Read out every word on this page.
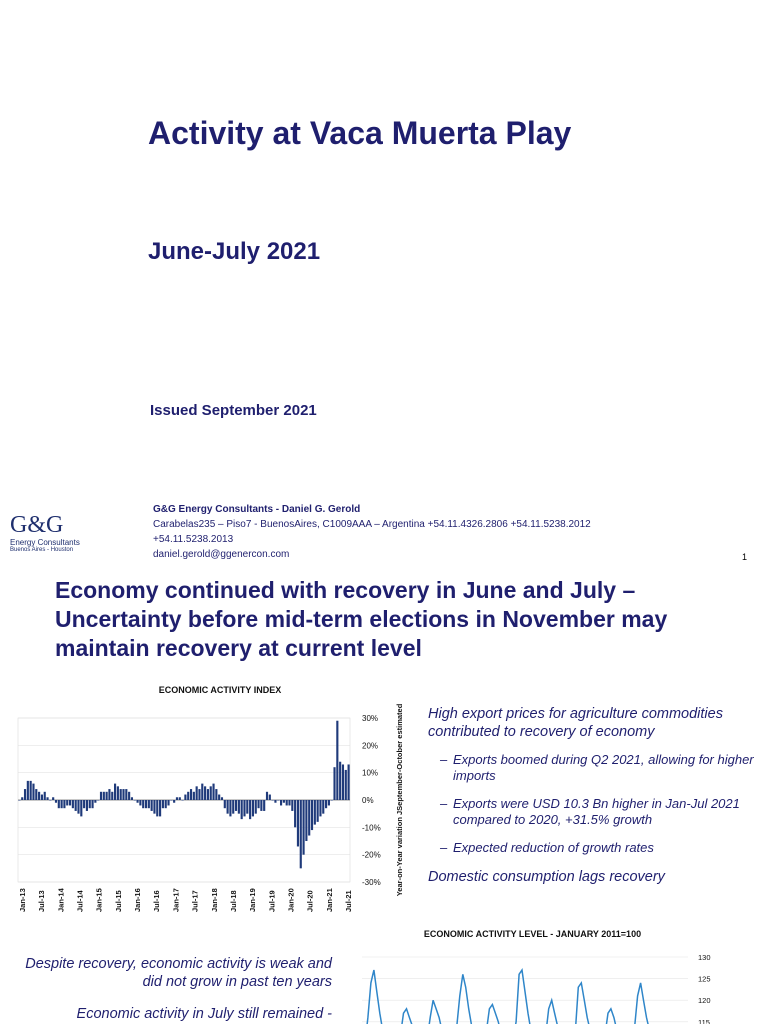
Activity at Vaca Muerta Play
June-July 2021
Issued September 2021
G&G
Energy Consultants
Buenos Aires - Houston
G&G Energy Consultants - Daniel G. Gerold
Carabelas235 – Piso7 - BuenosAires, C1009AAA – Argentina +54.11.4326.2806 +54.11.5238.2012
+54.11.5238.2013
daniel.gerold@ggenercon.com	1
Economy continued with recovery in June and July – Uncertainty before mid-term elections in November may maintain recovery at current level
ECONOMIC ACTIVITY INDEX
30%
20%
10%
0%
-10%
-20%
-30%
Jan-13 Jul-13 Jan-14 Jul-14 Jan-15 Jul-15 Jan-16 Jul-16 Jan-17 Jul-17 Jan-18 Jul-18 Jan-19 Jul-19 Jan-20 Jul-20 Jan-21 Jul-21
Year-on-Year variation JSeptember-October estimated High export prices for agriculture commodities contributed to recovery of economy
– Exports boomed during Q2 2021, allowing for higher imports
– Exports were USD 10.3 Bn higher in Jan-Jul 2021 compared to 2020, +31.5% growth
– Expected reduction of growth rates
Domestic consumption lags recovery
Despite recovery, economic activity is weak and did not grow in past ten years
Economic activity in July still remained -
ECONOMIC ACTIVITY LEVEL - JANUARY 2011=100
130
125
120
115
